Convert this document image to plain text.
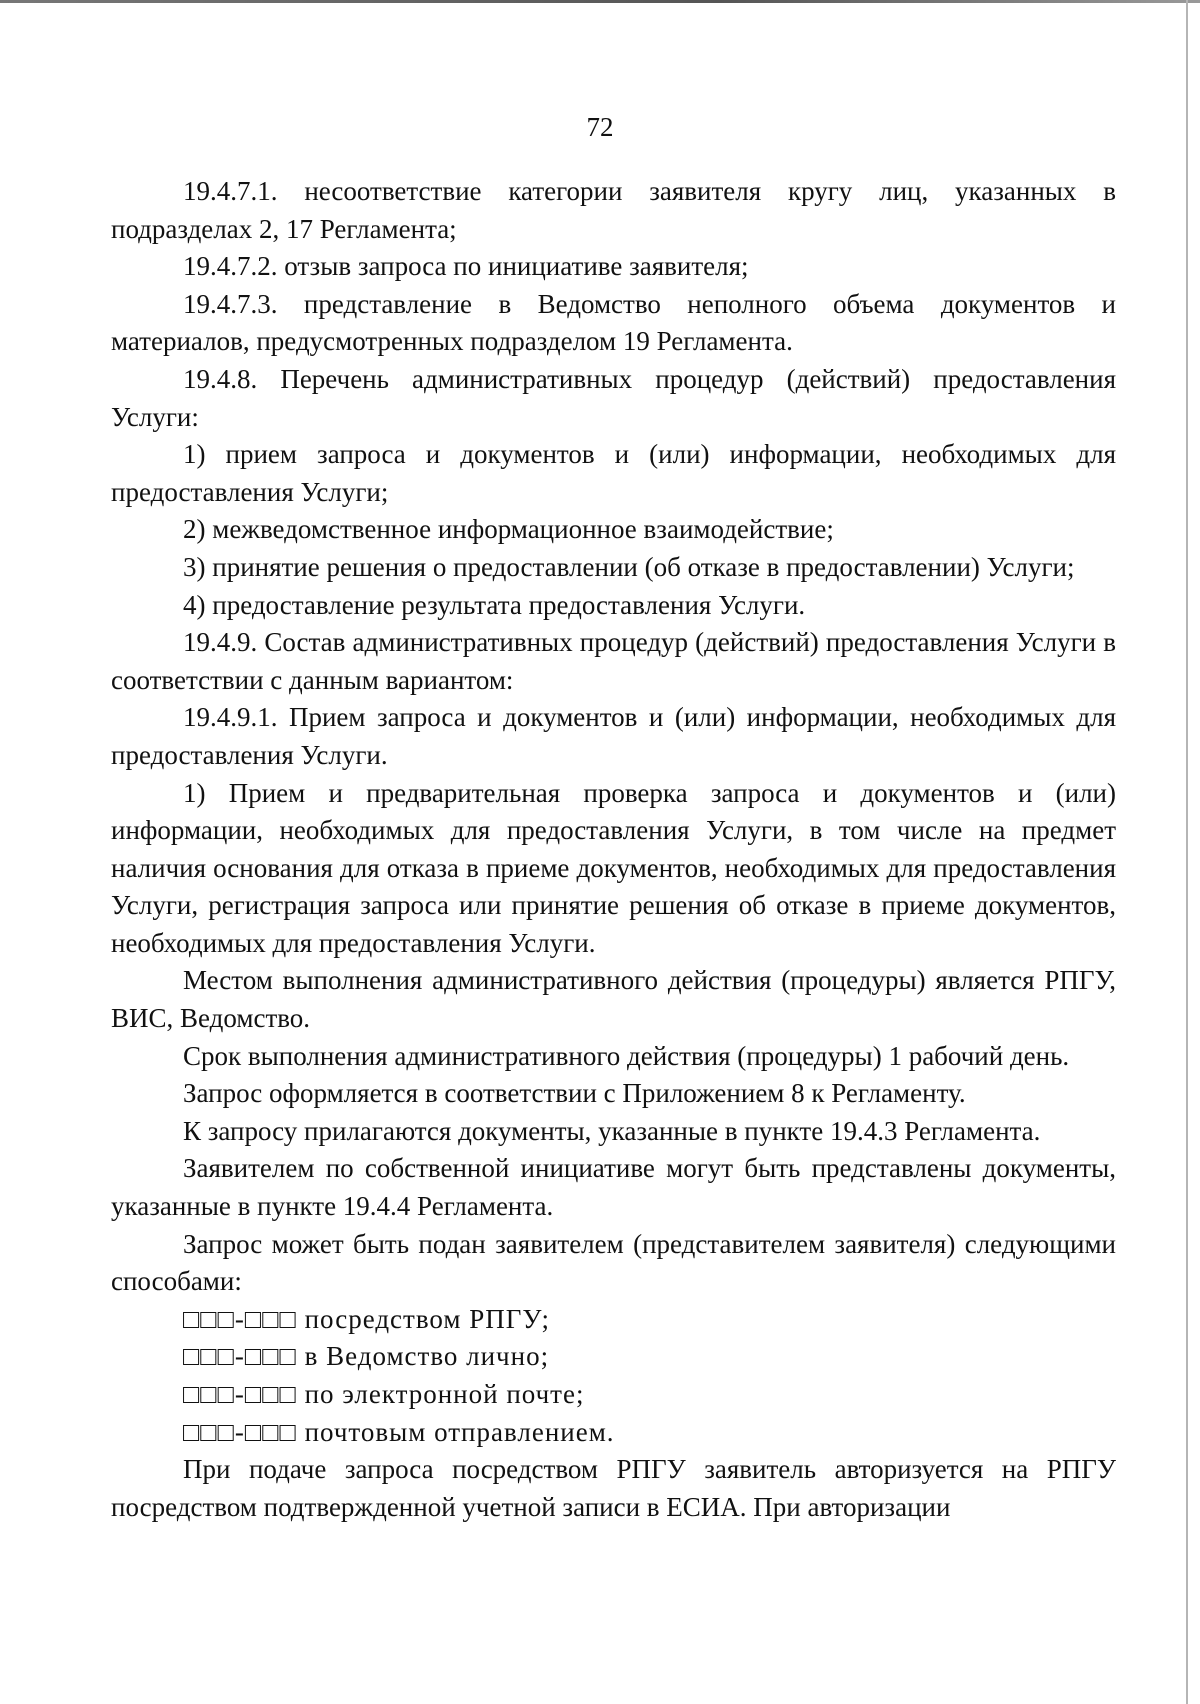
72

19.4.7.1. несоответствие категории заявителя кругу лиц, указанных в подразделах 2, 17 Регламента;

19.4.7.2. отзыв запроса по инициативе заявителя;

19.4.7.3. представление в Ведомство неполного объема документов и материалов, предусмотренных подразделом 19 Регламента.

19.4.8. Перечень административных процедур (действий) предоставления Услуги:

1) прием запроса и документов и (или) информации, необходимых для предоставления Услуги;

2) межведомственное информационное взаимодействие;

3) принятие решения о предоставлении (об отказе в предоставлении) Услуги;

4) предоставление результата предоставления Услуги.

19.4.9. Состав административных процедур (действий) предоставления Услуги в соответствии с данным вариантом:

19.4.9.1. Прием запроса и документов и (или) информации, необходимых для предоставления Услуги.

1) Прием и предварительная проверка запроса и документов и (или) информации, необходимых для предоставления Услуги, в том числе на предмет наличия основания для отказа в приеме документов, необходимых для предоставления Услуги, регистрация запроса или принятие решения об отказе в приеме документов, необходимых для предоставления Услуги.

Местом выполнения административного действия (процедуры) является РПГУ, ВИС, Ведомство.

Срок выполнения административного действия (процедуры) 1 рабочий день.

Запрос оформляется в соответствии с Приложением 8 к Регламенту.

К запросу прилагаются документы, указанные в пункте 19.4.3 Регламента.

Заявителем по собственной инициативе могут быть представлены документы, указанные в пункте 19.4.4 Регламента.

Запрос может быть подан заявителем (представителем заявителя) следующими способами:

□□□-□□□ посредством РПГУ;

□□□-□□□ в Ведомство лично;

□□□-□□□ по электронной почте;

□□□-□□□ почтовым отправлением.

При подаче запроса посредством РПГУ заявитель авторизуется на РПГУ посредством подтвержденной учетной записи в ЕСИА. При авторизации
